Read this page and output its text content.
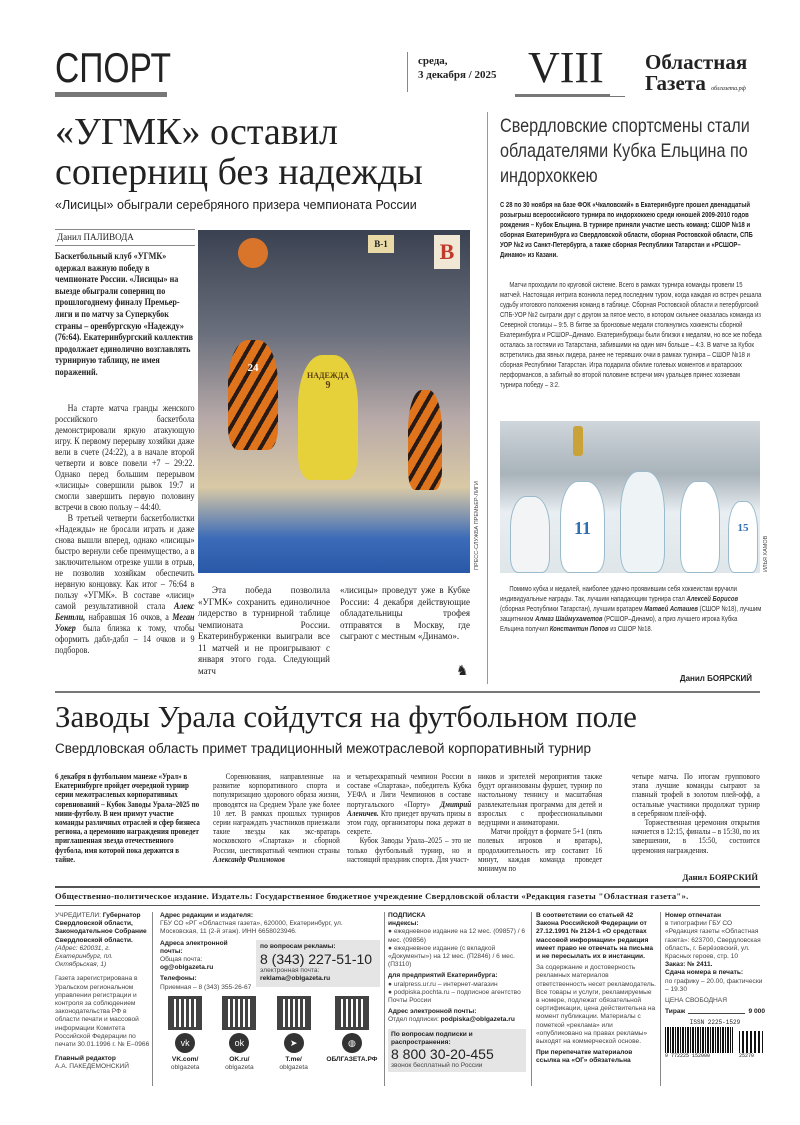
СПОРТ	среда,
3 декабря / 2025 VIII Областная
Газета облгазета.рф
«УГМК» оставил соперниц без надежды
«Лисицы» обыграли серебряного призера чемпионата России
Данил ПАЛИВОДА
Баскетбольный клуб «УГМК» одержал важную победу в чемпионате России. «Лисицы» на выезде обыграли соперниц по прошлогоднему финалу Премьер-лиги и по матчу за Суперкубок страны – оренбургскую «Надежду» (76:64). Екатеринбургский коллектив продолжает единолично возглавлять турнирную таблицу, не имея поражений.

На старте матча гранды женского российского баскетбола демонстрировали яркую атакующую игру. К первому перерыву хозяйки даже вели в счете (24:22), а в начале второй четверти и вовсе повели +7 – 29:22. Однако перед большим перерывом «лисицы» совершили рывок 19:7 и смогли завершить первую половину встречи в свою пользу – 44:40.

В третьей четверти баскетболистки «Надежды» не бросали играть и даже снова вышли вперед, однако «лисицы» быстро вернули себе преимущество, а в заключительном отрезке ушли в отрыв, не позволив хозяйкам обеспечить нервную концовку. Как итог – 76:64 в пользу «УГМК». В составе «лисиц» самой результативной стала Алекс Бентли, набравшая 16 очков, а Меган Уокер была близка к тому, чтобы оформить дабл-дабл – 14 очков и 9 подборов.

B-1 B
24
НАДЕЖДА
9
ПРЕСС-СЛУЖБА ПРЕМЬЕР-ЛИГИ
Эта победа позволила «УГМК» сохранить единоличное лидерство в турнирной таблице чемпионата России. Екатеринбурженки выиграли все 11 матчей и не проигрывают с января этого года. Следующий матч
«лисицы» проведут уже в Кубке России: 4 декабря действующие обладательницы трофея отправятся в Москву, где сыграют с местным «Динамо».
♞
Свердловские спортсмены стали обладателями Кубка Ельцина по индорхоккею
С 28 по 30 ноября на базе ФОК «Чкаловский» в Екатеринбурге прошел двенадцатый розыгрыш всероссийского турнира по индорхоккею среди юношей 2009-2010 годов рождения – Кубок Ельцина. В турнире приняли участие шесть команд: СШОР №18 и сборная Екатеринбурга из Свердловской области, сборная Ростовской области, СПБ УОР №2 из Санкт-Петербурга, а также сборная Республики Татарстан и «РСШОР–Динамо» из Казани.

Матчи проходили по круговой системе. Всего в рамках турнира команды провели 15 матчей. Настоящая интрига возникла перед последним туром, когда каждая из встреч решала судьбу итогового положения команд в таблице. Сборная Ростовской области и петербургский СПБ-УОР №2 сыграли друг с другом за пятое место, в котором сильнее оказалась команда из Северной столицы – 9:5. В битве за бронзовые медали столкнулись хоккеисты сборной Екатеринбурга и РСШОР–Динамо. Екатеринбуржцы были близки к медалям, но все же победа осталась за гостями из Татарстана, забившими на один мяч больше – 4:3. В матче за Кубок встретились два явных лидера, ранее не терявших очки в рамках турнира – СШОР №18 и сборная Республики Татарстан. Игра подарила обилие голевых моментов и вратарских перформансов, а забитый во второй половине встречи мяч уральцев принес хозяевам турнира победу – 3:2.

11	15
ИЛЬЯ ХАМОВ

Помимо кубка и медалей, наиболее удачно проявившим себя хоккеистам вручили индивидуальные награды. Так, лучшим нападающим турнира стал Алексей Борисов (сборная Республики Татарстан), лучшим вратарем Матвей Асташев (СШОР №18), лучшим защитником Алмаз Шаймухаметов (РСШОР–Динамо), а приз лучшего игрока Кубка Ельцина получил Константин Попов из СШОР №18.

Данил БОЯРСКИЙ
Заводы Урала сойдутся на футбольном поле
Свердловская область примет традиционный межотраслевой корпоративный турнир
6 декабря в футбольном манеже «Урал» в Екатеринбурге пройдет очередной турнир серии межотраслевых корпоративных соревнований – Кубок Заводы Урала–2025 по мини-футболу. В нем примут участие команды различных отраслей и сфер бизнеса региона, а церемонию награждения проведет приглашенная звезда отечественного футбола, имя которой пока держится в тайне.

Соревнования, направленные на развитие корпоративного спорта и популяризацию здорового образа жизни, проводятся на Среднем Урале уже более 10 лет. В рамках прошлых турниров серии награждать участников приезжали такие звезды как экс-вратарь московского «Спартака» и сборной России, шестикратный чемпион страны Александр Филимонов

и четырехкратный чемпион России в составе «Спартака», победитель Кубка УЕФА и Лиги Чемпионов в составе португальского «Порту» Дмитрий Аленичев. Кто приедет вручать призы в этом году, организаторы пока держат в секрете.

Кубок Заводы Урала–2025 – это не только футбольный турнир, но и настоящий праздник спорта. Для участ-

ников и зрителей мероприятия также будут организованы фуршет, турнир по настольному теннису и масштабная развлекательная программа для детей и взрослых с профессиональными ведущими и аниматорами.

Матчи пройдут в формате 5+1 (пять полевых игроков и вратарь), продолжительность игр составит 16 минут, каждая команда проведет минимум по

четыре матча. По итогам группового этапа лучшие команды сыграют за главный трофей в золотом плей-офф, а остальные участники продолжат турнир в серебряном плей-офф.

Торжественная церемония открытия начнется в 12:15, финалы – в 15:30, по их завершении, в 15:50, состоится церемония награждения.

Данил БОЯРСКИЙ
Общественно-политическое издание. Издатель: Государственное бюджетное учреждение Свердловской области «Редакция газеты "Областная газета"».
УЧРЕДИТЕЛИ: Губернатор Свердловской области, Законодательное Собрание Свердловской области.
(Адрес: 620031, г. Екатеринбург, пл. Октябрьская, 1)
Газета зарегистрирована в Уральском региональном управлении регистрации и контроля за соблюдением законодательства РФ в области печати и массовой информации Комитета Российской Федерации по печати 30.01.1996 г. № Е–0966
Главный редактор
А.А. ПАКЕДЕМОНСКИЙ
Адрес редакции и издателя:
ГБУ СО «РГ «Областная газета», 620000, Екатеринбург, ул. Московская, 11 (2-й этаж). ИНН 6658023946.
Адреса электронной почты:
Общая почта: og@oblgazeta.ru
Телефоны:
Приемная – 8 (343) 355-26-67
по вопросам рекламы:
8 (343) 227-51-10
электронная почта: reklama@oblgazeta.ru
vk
VK.com/
oblgazeta
ok
OK.ru/
oblgazeta
➤
T.me/
oblgazeta
◍
ОБЛГАЗЕТА.РФ
ПОДПИСКА
индексы:
● ежедневное издание на 12 мес. (09857) / 6 мес. (09856)
● ежедневное издание (с вкладкой «Документы») на 12 мес. (П2846) / 6 мес. (П3110)
для предприятий Екатеринбурга:
● uralpress.ur.ru – интернет-магазин
● podpiska.pochta.ru – подписное агентство Почты России
Адрес электронной почты:
Отдел подписки: podpiska@oblgazeta.ru
По вопросам подписки и распространения:
8 800 30-20-455
звонок бесплатный по России
В соответствии со статьей 42 Закона Российской Федерации от 27.12.1991 № 2124-1 «О средствах массовой информации» редакция имеет право не отвечать на письма и не пересылать их в инстанции.
За содержание и достоверность рекламных материалов ответственность несет рекламодатель. Все товары и услуги, рекламируемые в номере, подлежат обязательной сертификации, цена действительна на момент публикации. Материалы с пометкой «реклама» или «опубликовано на правах рекламы» выходят на коммерческой основе.
При перепечатке материалов ссылка на «ОГ» обязательна
Номер отпечатан
в типографии ГБУ СО «Редакция газеты «Областная газета»: 623700, Свердловская область, г. Берёзовский, ул. Красных героев, стр. 10
Заказ: № 2411.
Сдача номера в печать:
по графику – 20.00, фактически – 19.30
ЦЕНА СВОБОДНАЯ
Тираж	9 000
ISSN 2225-1529
9 772225 152000	25270
